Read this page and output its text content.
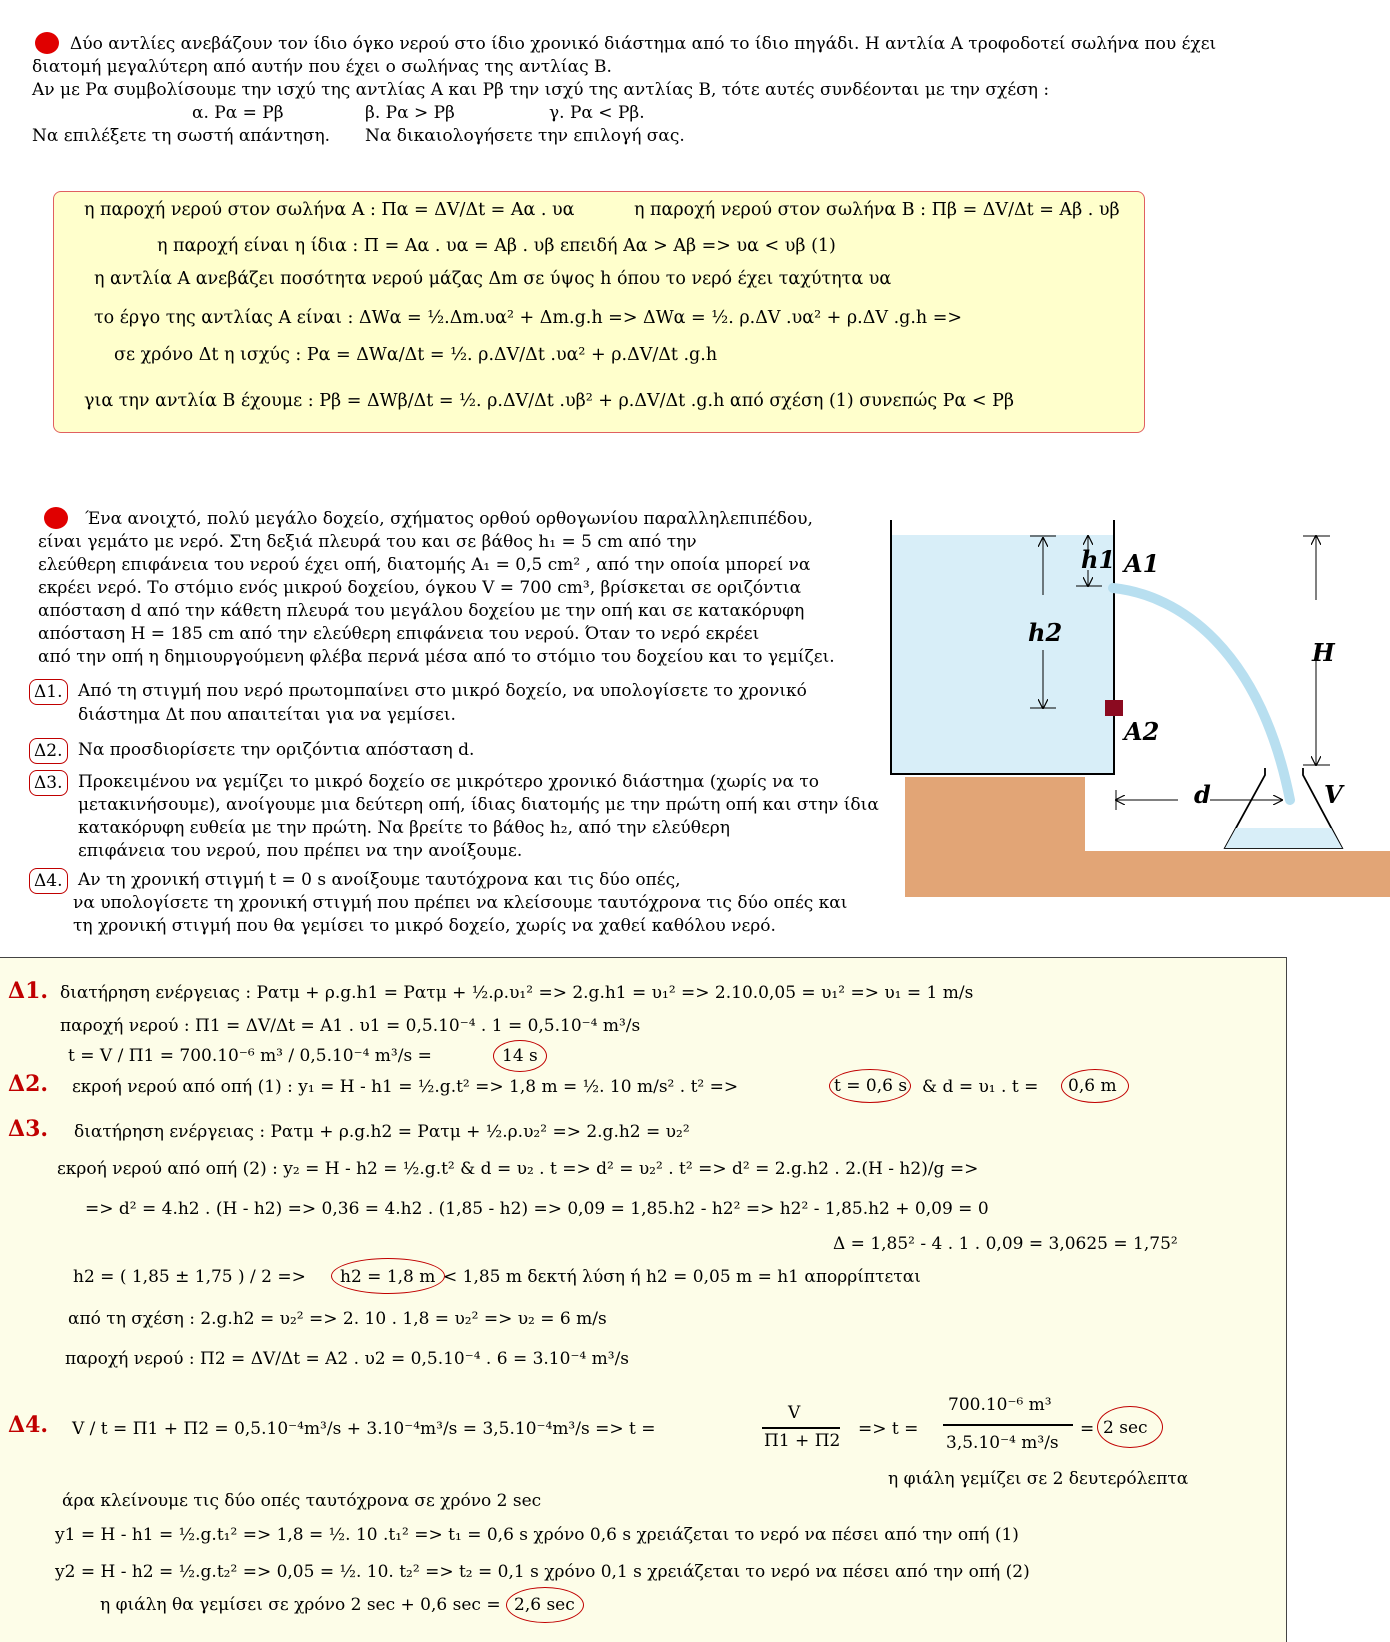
Δύο αντλίες ανεβάζουν τον ίδιο όγκο νερού στο ίδιο χρονικό διάστημα από το ίδιο πηγάδι. Η αντλία Α τροφοδοτεί σωλήνα που έχει
διατομή μεγαλύτερη από αυτήν που έχει ο σωλήνας της αντλίας Β.
Αν με Ρα συμβολίσουμε την ισχύ της αντλίας Α και Ρβ την ισχύ της αντλίας Β, τότε αυτές συνδέονται με την σχέση :
α. Ρα = Ρβ	β. Ρα > Ρβ	γ. Ρα < Ρβ.
Να επιλέξετε τη σωστή απάντηση. Να δικαιολογήσετε την επιλογή σας.
η παροχή νερού στον σωλήνα Α : Πα = ΔV/Δt = Αα . υα	η παροχή νερού στον σωλήνα Β : Πβ = ΔV/Δt = Αβ . υβ
η παροχή είναι η ίδια : Π = Αα . υα = Αβ . υβ επειδή Αα > Αβ => υα < υβ (1)
η αντλία Α ανεβάζει ποσότητα νερού μάζας Δm σε ύψος h όπου το νερό έχει ταχύτητα υα
το έργο της αντλίας Α είναι : ΔWα = ½.Δm.υα² + Δm.g.h => ΔWα = ½. ρ.ΔV .υα² + ρ.ΔV .g.h =>
σε χρόνο Δt η ισχύς : Ρα = ΔWα/Δt = ½. ρ.ΔV/Δt .υα² + ρ.ΔV/Δt .g.h
για την αντλία Β έχουμε : Ρβ = ΔWβ/Δt = ½. ρ.ΔV/Δt .υβ² + ρ.ΔV/Δt .g.h από σχέση (1) συνεπώς Ρα < Ρβ
Ένα ανοιχτό, πολύ μεγάλο δοχείο, σχήματος ορθού ορθογωνίου παραλληλεπιπέδου,
είναι γεμάτο με νερό. Στη δεξιά πλευρά του και σε βάθος h₁ = 5 cm από την
ελεύθερη επιφάνεια του νερού έχει οπή, διατομής Α₁ = 0,5 cm² , από την οποία μπορεί να
εκρέει νερό. Το στόμιο ενός μικρού δοχείου, όγκου V = 700 cm³, βρίσκεται σε οριζόντια
απόσταση d από την κάθετη πλευρά του μεγάλου δοχείου με την οπή και σε κατακόρυφη
απόσταση Η = 185 cm από την ελεύθερη επιφάνεια του νερού. Όταν το νερό εκρέει
από την οπή η δημιουργούμενη φλέβα περνά μέσα από το στόμιο του δοχείου και το γεμίζει.
Δ1. Από τη στιγμή που νερό πρωτομπαίνει στο μικρό δοχείο, να υπολογίσετε το χρονικό
διάστημα Δt που απαιτείται για να γεμίσει.
Δ2. Να προσδιορίσετε την οριζόντια απόσταση d.
Δ3. Προκειμένου να γεμίζει το μικρό δοχείο σε μικρότερο χρονικό διάστημα (χωρίς να το
μετακινήσουμε), ανοίγουμε μια δεύτερη οπή, ίδιας διατομής με την πρώτη οπή και στην ίδια
κατακόρυφη ευθεία με την πρώτη. Να βρείτε το βάθος h₂, από την ελεύθερη
επιφάνεια του νερού, που πρέπει να την ανοίξουμε.
Δ4. Αν τη χρονική στιγμή t = 0 s ανοίξουμε ταυτόχρονα και τις δύο οπές,
να υπολογίσετε τη χρονική στιγμή που πρέπει να κλείσουμε ταυτόχρονα τις δύο οπές και
τη χρονική στιγμή που θα γεμίσει το μικρό δοχείο, χωρίς να χαθεί καθόλου νερό.
h1 A1
h2
A2
H
d	V
Δ1. διατήρηση ενέργειας : Ρατμ + ρ.g.h1 = Ρατμ + ½.ρ.υ₁² => 2.g.h1 = υ₁² => 2.10.0,05 = υ₁² => υ₁ = 1 m/s
παροχή νερού : Π1 = ΔV/Δt = Α1 . υ1 = 0,5.10⁻⁴ . 1 = 0,5.10⁻⁴ m³/s
t = V / Π1 = 700.10⁻⁶ m³ / 0,5.10⁻⁴ m³/s =	14 s
Δ2. εκροή νερού από οπή (1) : y₁ = Η - h1 = ½.g.t² => 1,8 m = ½. 10 m/s² . t² =>	t = 0,6 s & d = υ₁ . t = 0,6 m
Δ3. διατήρηση ενέργειας : Ρατμ + ρ.g.h2 = Ρατμ + ½.ρ.υ₂² => 2.g.h2 = υ₂²
εκροή νερού από οπή (2) : y₂ = Η - h2 = ½.g.t² & d = υ₂ . t => d² = υ₂² . t² => d² = 2.g.h2 . 2.(Η - h2)/g =>
=> d² = 4.h2 . (Η - h2) => 0,36 = 4.h2 . (1,85 - h2) => 0,09 = 1,85.h2 - h2² => h2² - 1,85.h2 + 0,09 = 0
Δ = 1,85² - 4 . 1 . 0,09 = 3,0625 = 1,75²
h2 = ( 1,85 ± 1,75 ) / 2 => h2 = 1,8 m < 1,85 m δεκτή λύση ή h2 = 0,05 m = h1 απορρίπτεται
από τη σχέση : 2.g.h2 = υ₂² => 2. 10 . 1,8 = υ₂² => υ₂ = 6 m/s
παροχή νερού : Π2 = ΔV/Δt = Α2 . υ2 = 0,5.10⁻⁴ . 6 = 3.10⁻⁴ m³/s
Δ4. V / t = Π1 + Π2 = 0,5.10⁻⁴m³/s + 3.10⁻⁴m³/s = 3,5.10⁻⁴m³/s => t =
V
Π1 + Π2
=> t =
700.10⁻⁶ m³
3,5.10⁻⁴ m³/s
= 2 sec
η φιάλη γεμίζει σε 2 δευτερόλεπτα
άρα κλείνουμε τις δύο οπές ταυτόχρονα σε χρόνο 2 sec
y1 = Η - h1 = ½.g.t₁² => 1,8 = ½. 10 .t₁² => t₁ = 0,6 s χρόνο 0,6 s χρειάζεται το νερό να πέσει από την οπή (1)
y2 = Η - h2 = ½.g.t₂² => 0,05 = ½. 10. t₂² => t₂ = 0,1 s χρόνο 0,1 s χρειάζεται το νερό να πέσει από την οπή (2)
η φιάλη θα γεμίσει σε χρόνο 2 sec + 0,6 sec = 2,6 sec
